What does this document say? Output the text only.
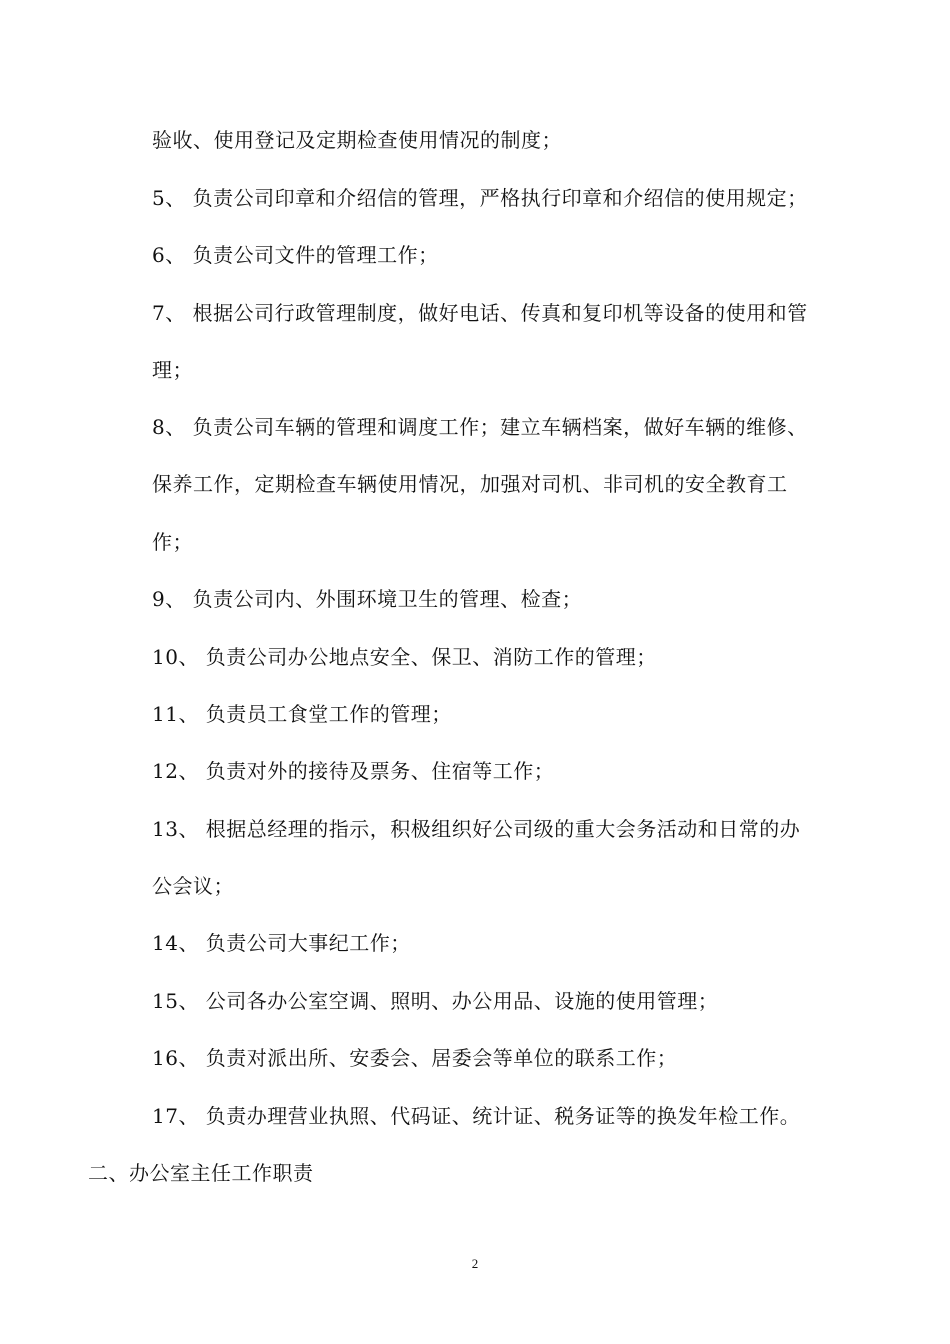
验收、使用登记及定期检查使用情况的制度；
5、 负责公司印章和介绍信的管理，严格执行印章和介绍信的使用规定；
6、 负责公司文件的管理工作；
7、 根据公司行政管理制度，做好电话、传真和复印机等设备的使用和管
理；
8、 负责公司车辆的管理和调度工作；建立车辆档案，做好车辆的维修、
保养工作，定期检查车辆使用情况，加强对司机、非司机的安全教育工
作；
9、 负责公司内、外围环境卫生的管理、检查；
10、 负责公司办公地点安全、保卫、消防工作的管理；
11、 负责员工食堂工作的管理；
12、 负责对外的接待及票务、住宿等工作；
13、 根据总经理的指示，积极组织好公司级的重大会务活动和日常的办
公会议；
14、 负责公司大事纪工作；
15、 公司各办公室空调、照明、办公用品、设施的使用管理；
16、 负责对派出所、安委会、居委会等单位的联系工作；
17、 负责办理营业执照、代码证、统计证、税务证等的换发年检工作。
二、办公室主任工作职责
2
